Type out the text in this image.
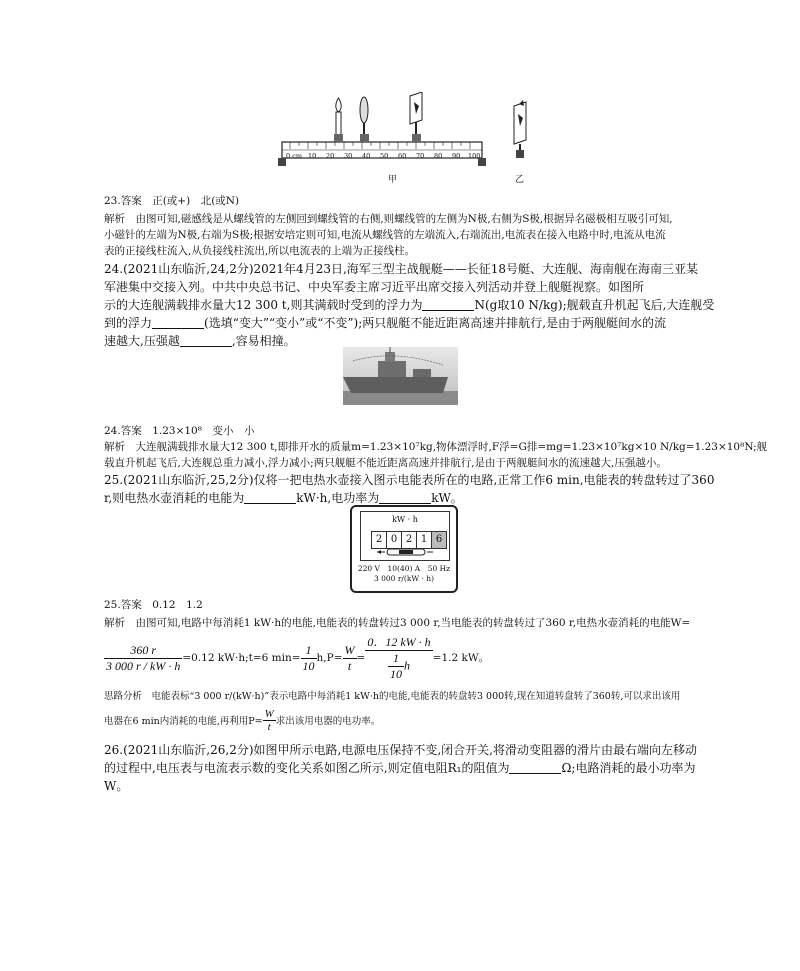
0 cm 10 20 30 40 50 60 70 80 90 100
甲	乙
23.答案　正(或+)　北(或N)
解析　由图可知,磁感线是从螺线管的左侧回到螺线管的右侧,则螺线管的左侧为N极,右侧为S极,根据异名磁极相互吸引可知,
小磁针的左端为N极,右端为S极;根据安培定则可知,电流从螺线管的左端流入,右端流出,电流表在接入电路中时,电流从电流
表的正接线柱流入,从负接线柱流出,所以电流表的上端为正接线柱。
24.(2021山东临沂,24,2分)2021年4月23日,海军三型主战舰艇——长征18号艇、大连舰、海南舰在海南三亚某
军港集中交接入列。中共中央总书记、中央军委主席习近平出席交接入列活动并登上舰艇视察。如图所
示的大连舰满载排水量大12 300 t,则其满载时受到的浮力为	N(g取10 N/kg);舰载直升机起飞后,大连舰受
到的浮力	(选填“变大”“变小”或“不变”);两只舰艇不能近距离高速并排航行,是由于两舰艇间水的流
速越大,压强越	,容易相撞。
24.答案　1.23×10⁸　变小　小
解析　大连舰满载排水量大12 300 t,即排开水的质量m=1.23×10⁷kg,物体漂浮时,F浮=G排=mg=1.23×10⁷kg×10 N/kg=1.23×10⁸N;舰
载直升机起飞后,大连舰总重力减小,浮力减小;两只舰艇不能近距离高速并排航行,是由于两舰艇间水的流速越大,压强越小。
25.(2021山东临沂,25,2分)仅将一把电热水壶接入图示电能表所在的电路,正常工作6 min,电能表的转盘转过了360
r,则电热水壶消耗的电能为	kW·h,电功率为	kW。
kW · h
2 0 2 1 6
220 V　10(40) A　50 Hz
3 000 r/(kW · h)
25.答案　0.12　1.2
解析　由图可知,电路中每消耗1 kW·h的电能,电能表的转盘转过3 000 r,当电能表的转盘转过了360 r,电热水壶消耗的电能W=
$\frac{360 r}{3 000 r / kW \cdot h} =0.12$ kW·h;t=6 $\min= \frac{1}{10} h,P= \frac{W}{t} = \frac{0.12 kW \cdot h}{\frac{1}{10} h} =1.2$ kW。
思路分析　电能表标“3 000 r/(kW·h)”表示电路中每消耗1 kW·h的电能,电能表的转盘转3 000转,现在知道转盘转了360转,可以求出该用
电器在6 min内消耗的电能,再利用$P= \frac{W}{t}$ 求出该用电器的电功率。
26.(2021山东临沂,26,2分)如图甲所示电路,电源电压保持不变,闭合开关,将滑动变阻器的滑片由最右端向左移动
的过程中,电压表与电流表示数的变化关系如图乙所示,则定值电阻R₁的阻值为	Ω;电路消耗的最小功率为
W。
